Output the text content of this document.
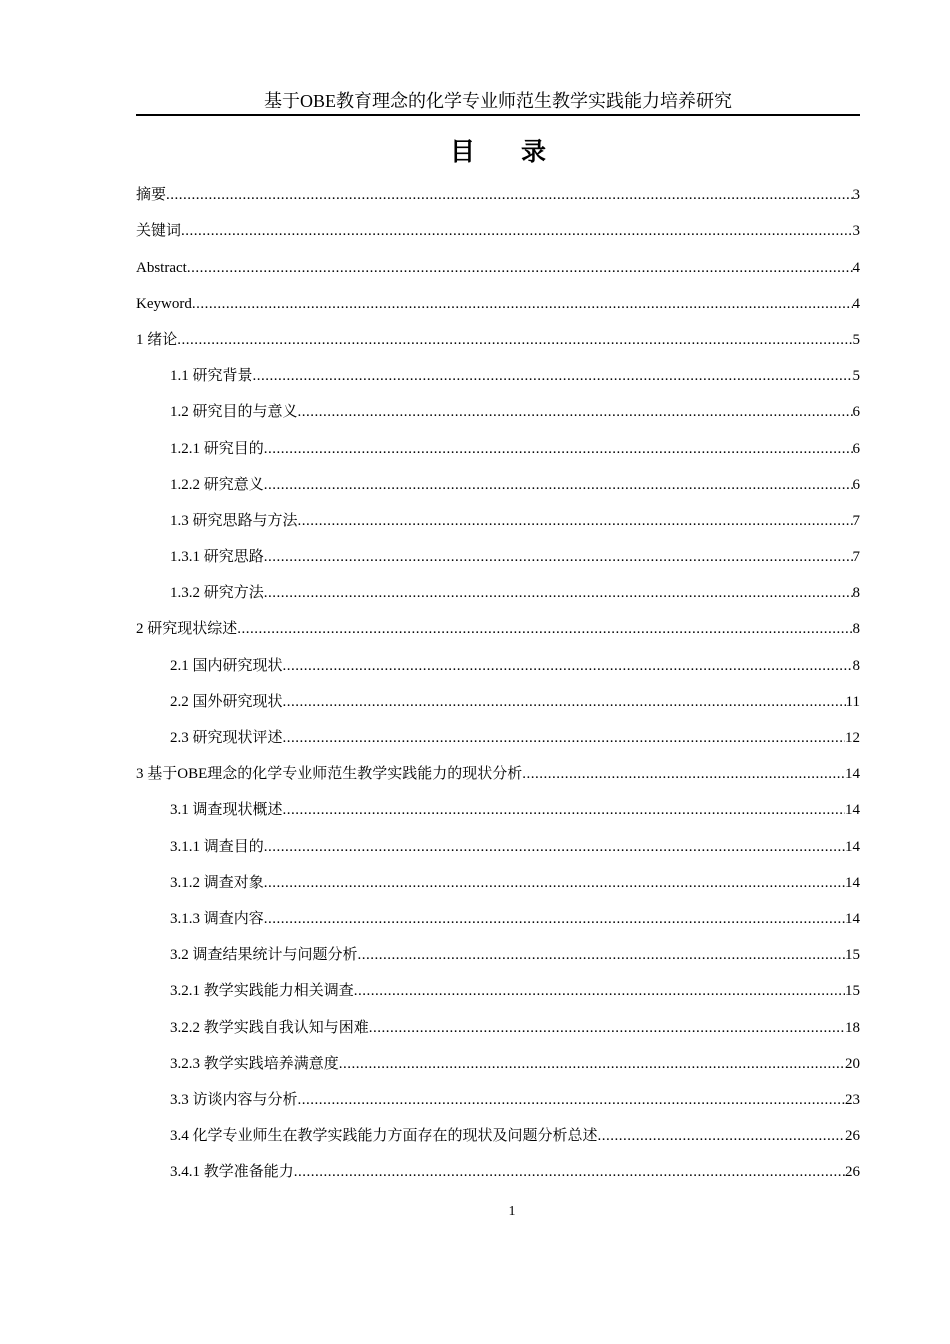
基于OBE教育理念的化学专业师范生教学实践能力培养研究
目录
摘要 .....	3
关键词 .....	3
Abstract .....	4
Keyword .....	4
1 绪论 .....	5
1.1 研究背景 .....	5
1.2 研究目的与意义 .....	6
1.2.1 研究目的 .....	6
1.2.2 研究意义 .....	6
1.3 研究思路与方法 .....	7
1.3.1 研究思路 .....	7
1.3.2 研究方法 .....	8
2 研究现状综述 .....	8
2.1 国内研究现状 .....	8
2.2 国外研究现状 .....	11
2.3 研究现状评述 .....	12
3 基于OBE理念的化学专业师范生教学实践能力的现状分析 .....	14
3.1 调查现状概述 .....	14
3.1.1 调查目的 .....	14
3.1.2 调查对象 .....	14
3.1.3 调查内容 .....	14
3.2 调查结果统计与问题分析 .....	15
3.2.1 教学实践能力相关调查 .....	15
3.2.2 教学实践自我认知与困难 .....	18
3.2.3 教学实践培养满意度 .....	20
3.3 访谈内容与分析 .....	23
3.4 化学专业师生在教学实践能力方面存在的现状及问题分析总述 .....	26
3.4.1 教学准备能力 .....	26
1
